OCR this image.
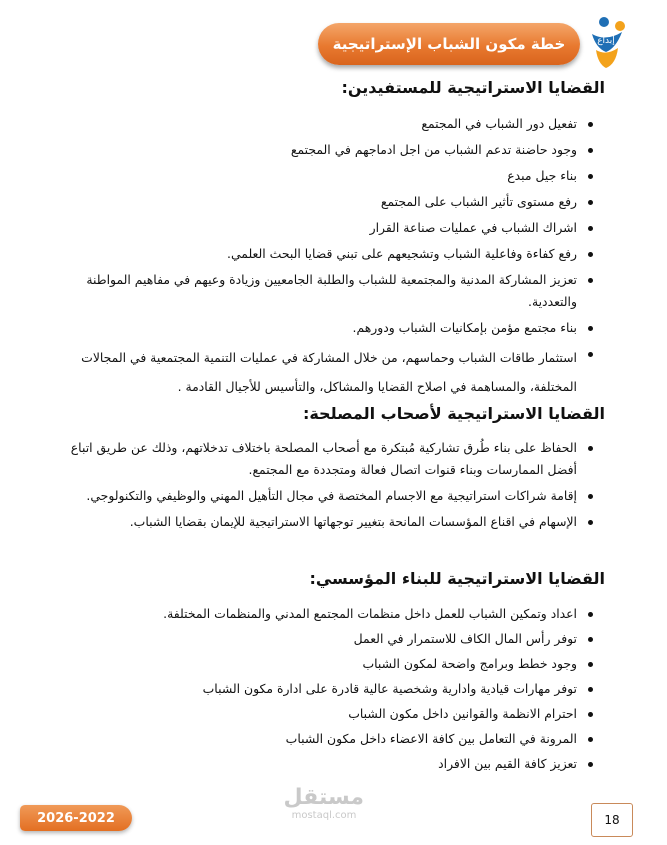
إبداع
خطة مكون الشباب الإستراتيجية
القضايا الاستراتيجية للمستفيدين:
تفعيل دور الشباب في المجتمع
وجود حاضنة تدعم الشباب من اجل ادماجهم في المجتمع
بناء جيل مبدع
رفع مستوى تأثير الشباب على المجتمع
اشراك الشباب في عمليات صناعة القرار
رفع كفاءة وفاعلية الشباب وتشجيعهم على تبني قضايا البحث العلمي.
تعزيز المشاركة المدنية والمجتمعية للشباب والطلبة الجامعيين وزيادة وعيهم في مفاهيم المواطنة والتعددية.
بناء مجتمع مؤمن بإمكانيات الشباب ودورهم.
استثمار طاقات الشباب وحماسهم، من خلال المشاركة في عمليات التنمية المجتمعية في المجالات المختلفة، والمساهمة في اصلاح القضايا والمشاكل، والتأسيس للأجيال القادمة .
القضايا الاستراتيجية لأصحاب المصلحة:
الحفاظ على بناء طُرق تشاركية مُبتكرة مع أصحاب المصلحة باختلاف تدخلاتهم، وذلك عن طريق اتباع أفضل الممارسات وبناء قنوات اتصال فعالة ومتجددة مع المجتمع.
إقامة شراكات استراتيجية مع الاجسام المختصة في مجال التأهيل المهني والوظيفي والتكنولوجي.
الإسهام في اقناع المؤسسات المانحة بتغيير توجهاتها الاستراتيجية للإيمان بقضايا الشباب.
القضايا الاستراتيجية للبناء المؤسسي:
اعداد وتمكين الشباب للعمل داخل منظمات المجتمع المدني والمنظمات المختلفة.
توفر رأس المال الكاف للاستمرار في العمل
وجود خطط وبرامج واضحة لمكون الشباب
توفر مهارات قيادية وادارية وشخصية عالية قادرة على ادارة مكون الشباب
احترام الانظمة والقوانين داخل مكون الشباب
المرونة في التعامل بين كافة الاعضاء داخل مكون الشباب
تعزيز كافة القيم بين الافراد
2026-2022
مستقل
mostaql.com	18
